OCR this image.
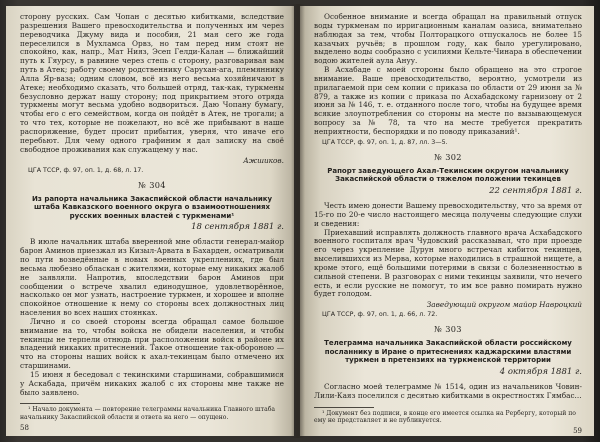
сторону русских. Сам Чопан с десятью кибитками, вследствие разрешения Вашего превосходительства и полученных им через переводчика Джуму вида и пособия, 21 мая сего же года переселился в Мухламса Орвз, но там перед ним стоят не спокойно, как, напр., Мат Нияз, Эсеп Гелди-Калан — ближайший путь к Гяурсу, в равнине через степь с сторону, разговаривая вам путь в Атек; работу своему родственнику Сарухан-ага, племяннику Алла Яр-ваза; одним словом, всё из него весьма хозяйничают в Атеке; необходимо сказать, что большей отряд, так-как, туркмены безусловно держат нашу сторону; под прикрытием этого отряда туркмены могут весьма удобно водвориться. Даю Чопану бумагу, чтобы его с его семейством, когда он пойдёт в Атек, не трогали; а то что тех, которые не пожелают, но всё же прибывают в наше распоряжение, будет просит прибытия, уверяя, что иначе его перебьют. Для чему одного графиним я дал записку на своё свободное проживания как служащему у нас.

Ажшиков.
ЦГА ТССР, ф. 97, оп. 1, д. 68, л. 17.
№ 304
Из рапорта начальника Закаспийской области начальнику штаба Кавказского военного округа о взаимоотношениях русских военных властей с туркменами¹
18 сентября 1881 г.

В июле начальник штаба вверенной мне области генерал-майор барон Аминов приезжал из Кизыл-Арвата в Бахарден, осматривали по пути возведённые в новых военных укреплениях, где был весьма любезно обласкан с жителями, которые ему никаких жалоб не заявляли. Напротив, впоследствии барон Аминов при сообщении о встрече хвалил единодушное, удовлетворённое, насколько он мог узнать, настроение туркмен, и хорошее и вполне спокойное отношение к нему со стороны всех должностных лиц населения во всех наших стоянках.

Лично я со своей стороны всегда обращал самое большое внимание на то, чтобы войска не обидели населения, и чтобы текинцы не терпели отнюдь при расположении войск в районе их владений никаких притеснений. Такое отношение так-обороною — что на стороны наших войск к ахал-текинцам было отмечено их старшинами.

15 июня я беседовал с текинскими старшинами, собравшимися у Аскабада, причём никаких жалоб с их стороны мне также не было заявлено.

¹ Начало документа — повторение телеграммы начальника Главного штаба начальнику Закаспийской области и ответа на него — опущено.

58

Особенное внимание и всегда обращал на правильный отпуск воды туркменам по ирригационным каналам оазиса, внимательно наблюдая за тем, чтобы Полторацкого отпускалось не более 15 казачьих ручьёв; в прошлом году, как было урегулировано, выделено воды сообразно с усилиями Кельте-Чинара в обеспечении водою жителей аула Ануу.

В Асхабаде с моей стороны было обращено на это строгое внимание. Ваше превосходительство, вероятно, усмотрели из прилагаемой при сем копии с приказа по области от 29 июня за № 879, а также из копии с приказа по Асхабадскому гарнизону от 2 июня за № 146, т. е. отданного после того, чтобы на будущее время всякие злоупотребления со стороны на месте по вызывающемуся вопросу за № 78, та что на месте требуется прекратить неприятности, беспорядки и по поводу приказаний¹.

ЦГА ТССР, ф. 97, оп. 1, д. 87, лл. 3—5.
№ 302
Рапорт заведующего Ахал-Текинским округом начальнику Закаспийской области о тяжелом положении текинцев
22 сентября 1881 г.

Честь имею донести Вашему превосходительству, что за время от 15-го по 20-е число настоящего месяца получены следующие слухи и сведения:

Приехавший исправлять должность главного врача Асхабадского военного госпиталя врач Чудовский рассказывал, что при проезде его через укрепление Дурун много встречал кибиток текинцев, выселившихся из Мерва, которые находились в страшной нищете, а кроме этого, ещё большими потерями в связи с болезненностью в сильной степени. В разговорах с ними текинцы заявили, что нечего есть, и если русские не помогут, то им все равно помирать нужно будет голодом.

Заведующий округом майор Навроцкий
ЦГА ТССР, ф. 97, оп. 1, д. 66, л. 72.
№ 303
Телеграмма начальника Закаспийской области российскому посланнику в Иране о притеснениях каджарскими властями туркмен в претензиях на туркменской территории
4 октября 1881 г.

Согласно моей телеграмме № 1514, один из начальников Човин-Лили-Каяз поселился с десятью кибитками в окрестностях Гямбас...

¹ Документ без подписи, в конце его имеется ссылка на Рербергу, который по ему не представляет и не публикуется.

59
